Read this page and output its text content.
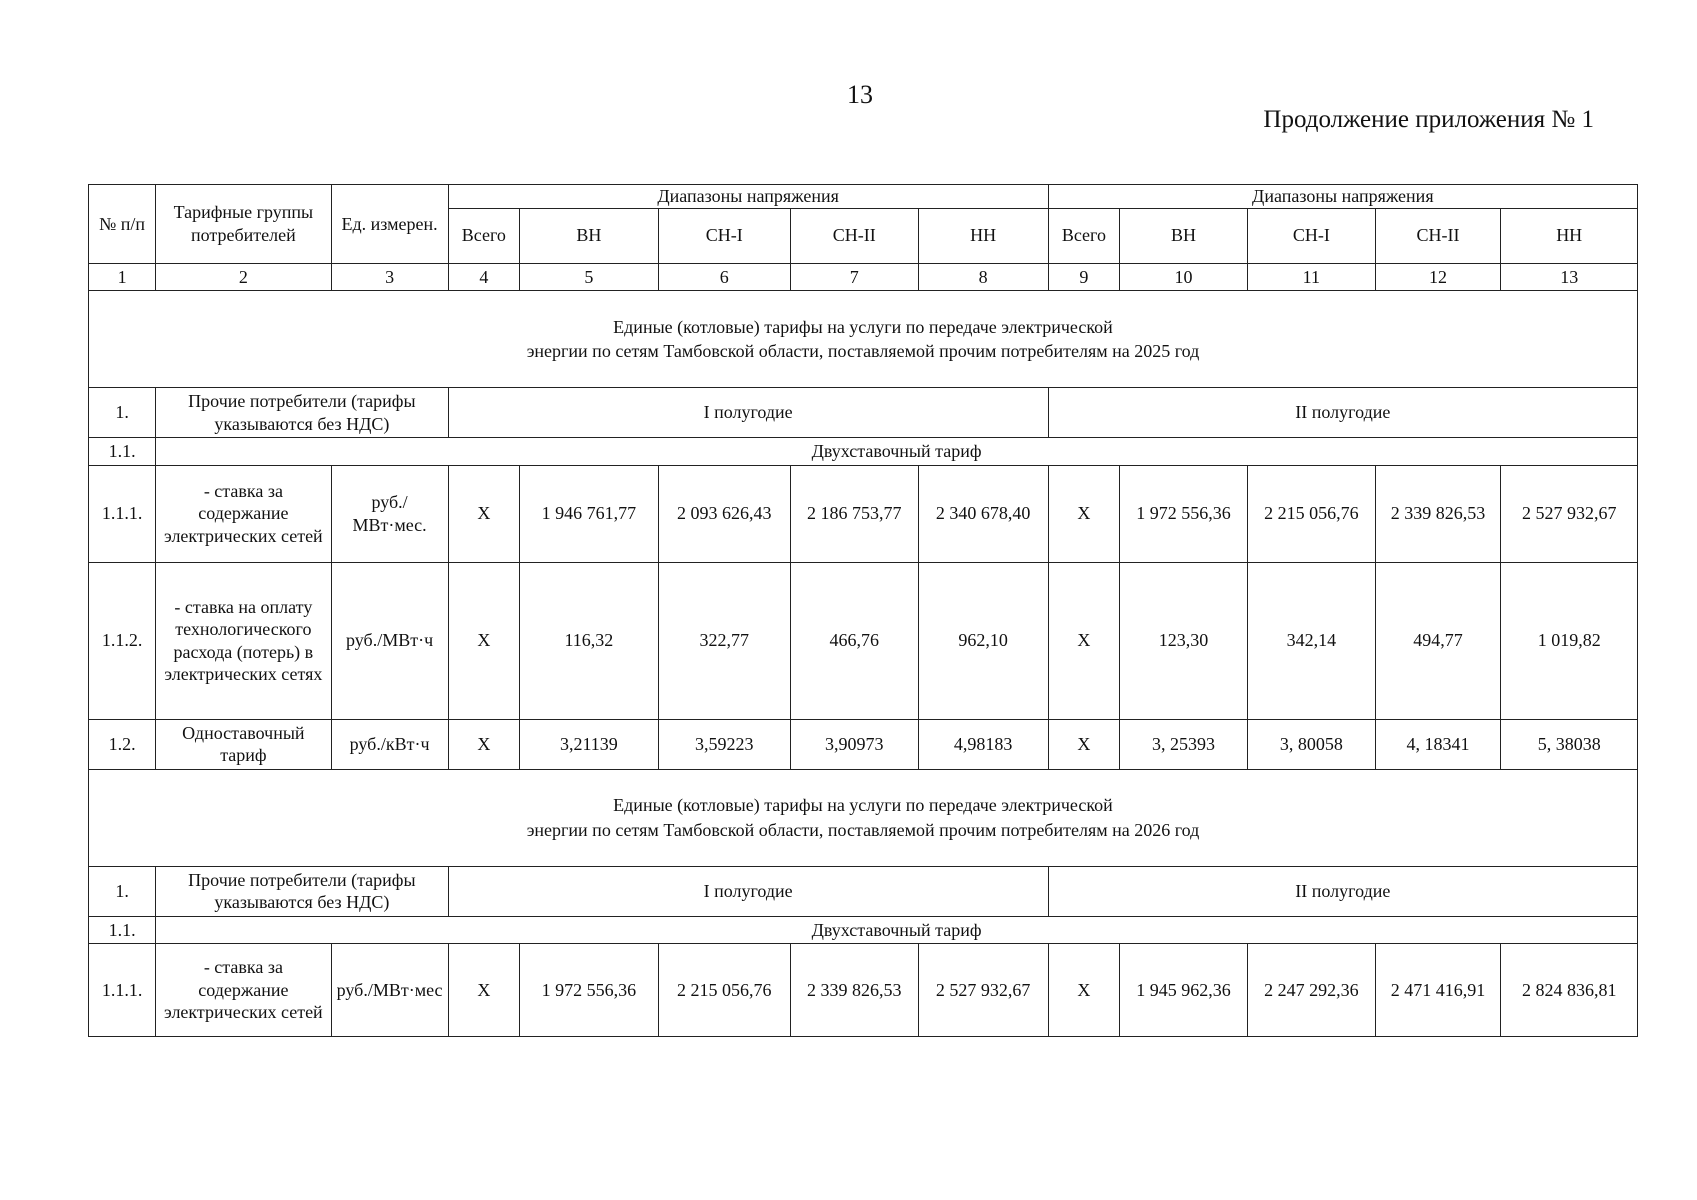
13
Продолжение приложения № 1
№ п/п	Тарифные группы потребителей	Ед. измерен.	Диапазоны напряжения					Диапазоны напряжения				
			Всего	ВН	СН-I	СН-II	НН	Всего	ВН	СН-I	СН-II	НН
1	2	3	4	5	6	7	8	9	10	11	12	13

Единые (котловые) тарифы на услуги по передаче электрической
энергии по сетям Тамбовской области, поставляемой прочим потребителям на 2025 год												

1.	Прочие потребители (тарифы указываются без НДС)		I полугодие					II полугодие				
1.1.	Двухставочный тариф											
1.1.1.	- ставка за содержание электрических сетей	руб./МВт·мес.	X	1 946 761,77	2 093 626,43	2 186 753,77	2 340 678,40	X	1 972 556,36	2 215 056,76	2 339 826,53	2 527 932,67
1.1.2.	- ставка на оплату технологического расхода (потерь) в электрических сетях	руб./МВт·ч	X	116,32	322,77	466,76	962,10	X	123,30	342,14	494,77	1 019,82
1.2.	Одноставочный тариф	руб./кВт·ч	X	3,21139	3,59223	3,90973	4,98183	X	3, 25393	3, 80058	4, 18341	5, 38038

Единые (котловые) тарифы на услуги по передаче электрической
энергии по сетям Тамбовской области, поставляемой прочим потребителям на 2026 год												

1.	Прочие потребители (тарифы указываются без НДС)		I полугодие					II полугодие				
1.1.	Двухставочный тариф											
1.1.1.	- ставка за содержание электрических сетей	руб./МВт·мес	X	1 972 556,36	2 215 056,76	2 339 826,53	2 527 932,67	X	1 945 962,36	2 247 292,36	2 471 416,91	2 824 836,81
